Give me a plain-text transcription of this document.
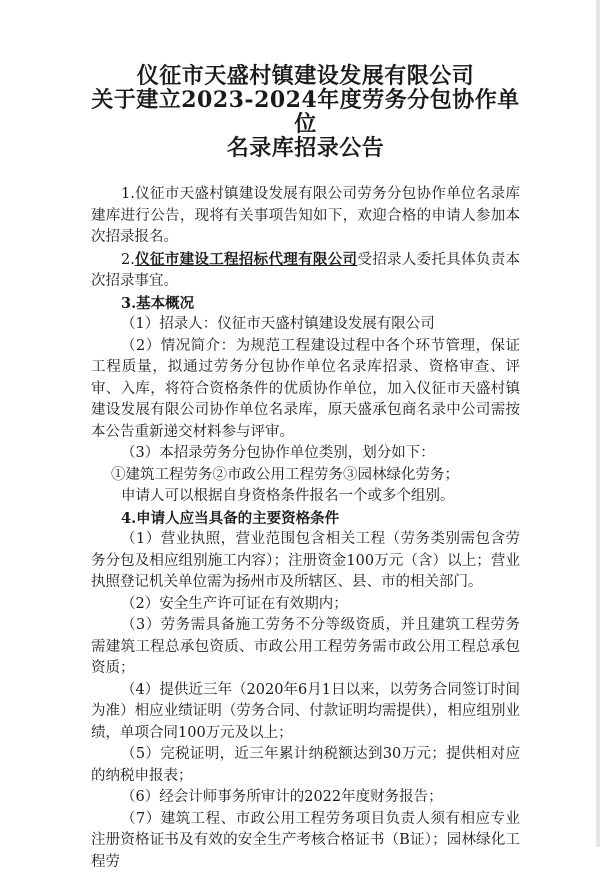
仪征市天盛村镇建设发展有限公司
关于建立2023-2024年度劳务分包协作单位
名录库招录公告

1.仪征市天盛村镇建设发展有限公司劳务分包协作单位名录库建库进行公告，现将有关事项告知如下，欢迎合格的申请人参加本次招录报名。

2.仪征市建设工程招标代理有限公司受招录人委托具体负责本次招录事宜。

3.基本概况

（1）招录人：仪征市天盛村镇建设发展有限公司

（2）情况简介：为规范工程建设过程中各个环节管理，保证工程质量，拟通过劳务分包协作单位名录库招录、资格审查、评审、入库，将符合资格条件的优质协作单位，加入仪征市天盛村镇建设发展有限公司协作单位名录库，原天盛承包商名录中公司需按本公告重新递交材料参与评审。

（3）本招录劳务分包协作单位类别，划分如下：

①建筑工程劳务②市政公用工程劳务③园林绿化劳务；

申请人可以根据自身资格条件报名一个或多个组别。

4.申请人应当具备的主要资格条件

（1）营业执照，营业范围包含相关工程（劳务类别需包含劳务分包及相应组别施工内容）；注册资金100万元（含）以上；营业执照登记机关单位需为扬州市及所辖区、县、市的相关部门。

（2）安全生产许可证在有效期内；

（3）劳务需具备施工劳务不分等级资质，并且建筑工程劳务需建筑工程总承包资质、市政公用工程劳务需市政公用工程总承包资质；

（4）提供近三年（2020年6月1日以来，以劳务合同签订时间为准）相应业绩证明（劳务合同、付款证明均需提供），相应组别业绩，单项合同100万元及以上；

（5）完税证明，近三年累计纳税额达到30万元；提供相对应的纳税申报表；

（6）经会计师事务所审计的2022年度财务报告；

（7）建筑工程、市政公用工程劳务项目负责人须有相应专业注册资格证书及有效的安全生产考核合格证书（B证）；园林绿化工程劳
